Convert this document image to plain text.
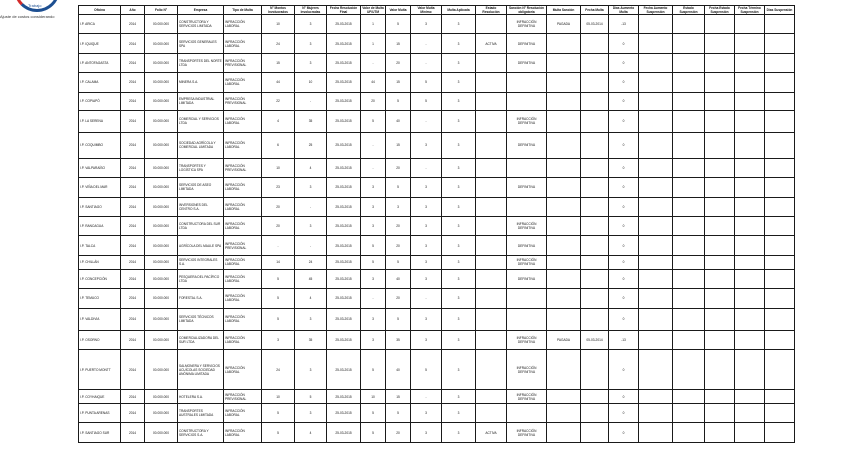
Trabajo
Ajuste de costos considerando
Oficina	Año	Folio N°	Empresa	Tipo de Multa	N° Montos Involucrados	N° Mujeres Involucradas	Fecha Resolución Final	Valor de Multa UF/UTM	Valor Multa	Valor Multa Mínimo	Multa Aplicada	Estado Resolución	Sanción N° Resolución obligatoria	Multa Sanción	Fecha Multa	Días Aumento Multa	Fecha Aumento Suspensión	Estado Suspensión	Fecha Estado Suspensión	Fecha Término Suspensión	Días Suspensión
I.P. ARICA	2014	00.000.000	CONSTRUCTORA Y SERVICIOS LIMITADA	INFRACCIÓN LABORAL	10	3	25-03-2015	1	5	3	3		INFRACCIÓN DEFINITIVA	PAGADA	05-03-2014	-13					
I.P. IQUIQUE	2014	00.000.000	SERVICIOS GENERALES SPA	INFRACCIÓN LABORAL	24	3	25-03-2015	1	15	-	3	ACTIVA	DEFINITIVA			0					
I.P. ANTOFAGASTA	2014	00.000.000	TRANSPORTES DEL NORTE LTDA	INFRACCIÓN PREVISIONAL	15	3	25-03-2015	-	20	-	3		DEFINITIVA			0					
I.P. CALAMA	2014	00.000.000	MINERA S.A.	INFRACCIÓN LABORAL	44	10	25-03-2015	44	15	5	3					0					
I.P. COPIAPÓ	2014	00.000.000	EMPRESA INDUSTRIAL LIMITADA	INFRACCIÓN PREVISIONAL	22	-	25-03-2015	20	5	5	3					0					
I.P. LA SERENA	2014	00.000.000	COMERCIAL Y SERVICIOS LTDA	INFRACCIÓN LABORAL	4	35	25-03-2015	5	40	-	3		INFRACCIÓN DEFINITIVA			0					
I.P. COQUIMBO	2014	00.000.000	SOCIEDAD AGRÍCOLA Y COMERCIAL LIMITADA	INFRACCIÓN LABORAL	6	25	25-03-2015	-	15	3	3		DEFINITIVA			0					
I.P. VALPARAÍSO	2014	00.000.000	TRANSPORTES Y LOGÍSTICA SPA	INFRACCIÓN PREVISIONAL	10	4	25-03-2015	-	20	-	3					0					
I.P. VIÑA DEL MAR	2014	00.000.000	SERVICIOS DE ASEO LIMITADA	INFRACCIÓN LABORAL	23	3	25-03-2015	3	5	3	3		DEFINITIVA			0					
I.P. SANTIAGO	2014	00.000.000	INVERSIONES DEL CENTRO S.A.	INFRACCIÓN LABORAL	20	-	25-03-2015	3	3	3	3					0					
I.P. RANCAGUA	2014	00.000.000	CONSTRUCTORA DEL SUR LTDA	INFRACCIÓN LABORAL	20	3	25-03-2015	3	20	3	3		INFRACCIÓN DEFINITIVA			0					
I.P. TALCA	2014	00.000.000	AGRÍCOLA DEL MAULE SPA	INFRACCIÓN PREVISIONAL	-	-	25-03-2015	5	20	3	3		DEFINITIVA			0					
I.P. CHILLÁN	2014	00.000.000	SERVICIOS INTEGRALES S.A.	INFRACCIÓN LABORAL	14	24	25-03-2015	5	5	3	3		INFRACCIÓN DEFINITIVA			0					
I.P. CONCEPCIÓN	2014	00.000.000	PESQUERA DEL PACÍFICO LTDA	INFRACCIÓN LABORAL	5	45	25-03-2015	3	40	3	3		DEFINITIVA			0					
I.P. TEMUCO	2014	00.000.000	FORESTAL S.A.	INFRACCIÓN LABORAL	5	4	25-03-2015	-	20	-	3					0					
I.P. VALDIVIA	2014	00.000.000	SERVICIOS TÉCNICOS LIMITADA	INFRACCIÓN LABORAL	5	3	25-03-2015	3	5	3	3					0					
I.P. OSORNO	2014	00.000.000	COMERCIALIZADORA DEL SUR LTDA	INFRACCIÓN LABORAL	3	35	25-03-2015	3	35	3	3		INFRACCIÓN DEFINITIVA	PAGADA	05-03-2014	-13					
I.P. PUERTO MONTT	2014	00.000.000	SALMONERA Y SERVICIOS ACUÍCOLAS SOCIEDAD ANÓNIMA LIMITADA	INFRACCIÓN LABORAL	24	3	25-03-2015	5	40	5	3		INFRACCIÓN DEFINITIVA			0					
I.P. COYHAIQUE	2014	00.000.000	HOTELERA S.A.	INFRACCIÓN PREVISIONAL	10	5	25-03-2015	10	15	-	3		INFRACCIÓN DEFINITIVA			0					
I.P. PUNTA ARENAS	2014	00.000.000	TRANSPORTES AUSTRALES LIMITADA	INFRACCIÓN LABORAL	5	3	25-03-2015	5	5	3	3					0					
I.P. SANTIAGO SUR	2014	00.000.000	CONSTRUCTORA Y SERVICIOS S.A.	INFRACCIÓN LABORAL	5	4	25-03-2015	5	20	3	3	ACTIVA	INFRACCIÓN DEFINITIVA			0					
